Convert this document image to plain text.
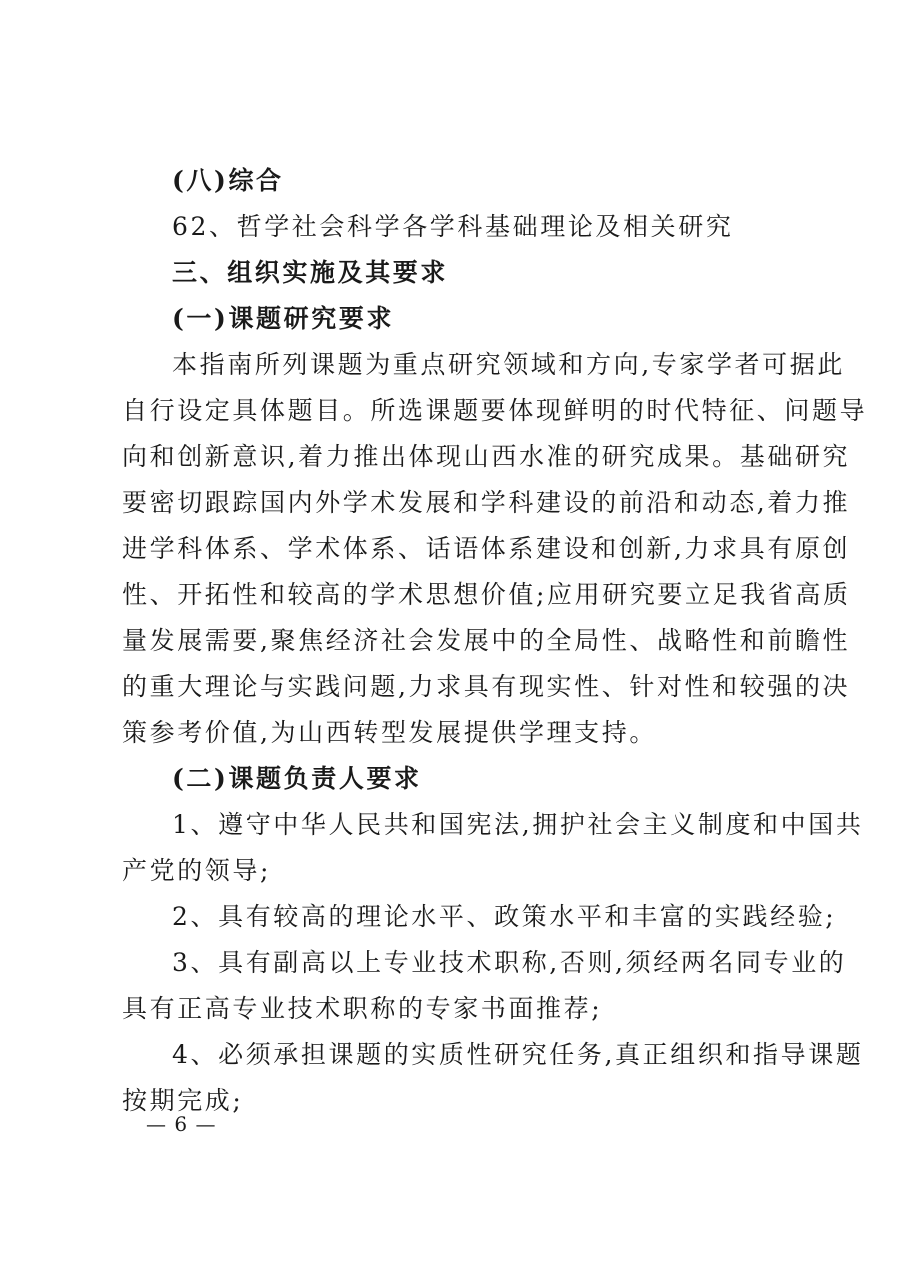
(八)综合
62、哲学社会科学各学科基础理论及相关研究
三、组织实施及其要求
(一)课题研究要求
本指南所列课题为重点研究领域和方向,专家学者可据此
自行设定具体题目。所选课题要体现鲜明的时代特征、问题导
向和创新意识,着力推出体现山西水准的研究成果。基础研究
要密切跟踪国内外学术发展和学科建设的前沿和动态,着力推
进学科体系、学术体系、话语体系建设和创新,力求具有原创
性、开拓性和较高的学术思想价值;应用研究要立足我省高质
量发展需要,聚焦经济社会发展中的全局性、战略性和前瞻性
的重大理论与实践问题,力求具有现实性、针对性和较强的决
策参考价值,为山西转型发展提供学理支持。
(二)课题负责人要求
1、遵守中华人民共和国宪法,拥护社会主义制度和中国共
产党的领导;
2、具有较高的理论水平、政策水平和丰富的实践经验;
3、具有副高以上专业技术职称,否则,须经两名同专业的
具有正高专业技术职称的专家书面推荐;
4、必须承担课题的实质性研究任务,真正组织和指导课题
按期完成;
— 6 —
